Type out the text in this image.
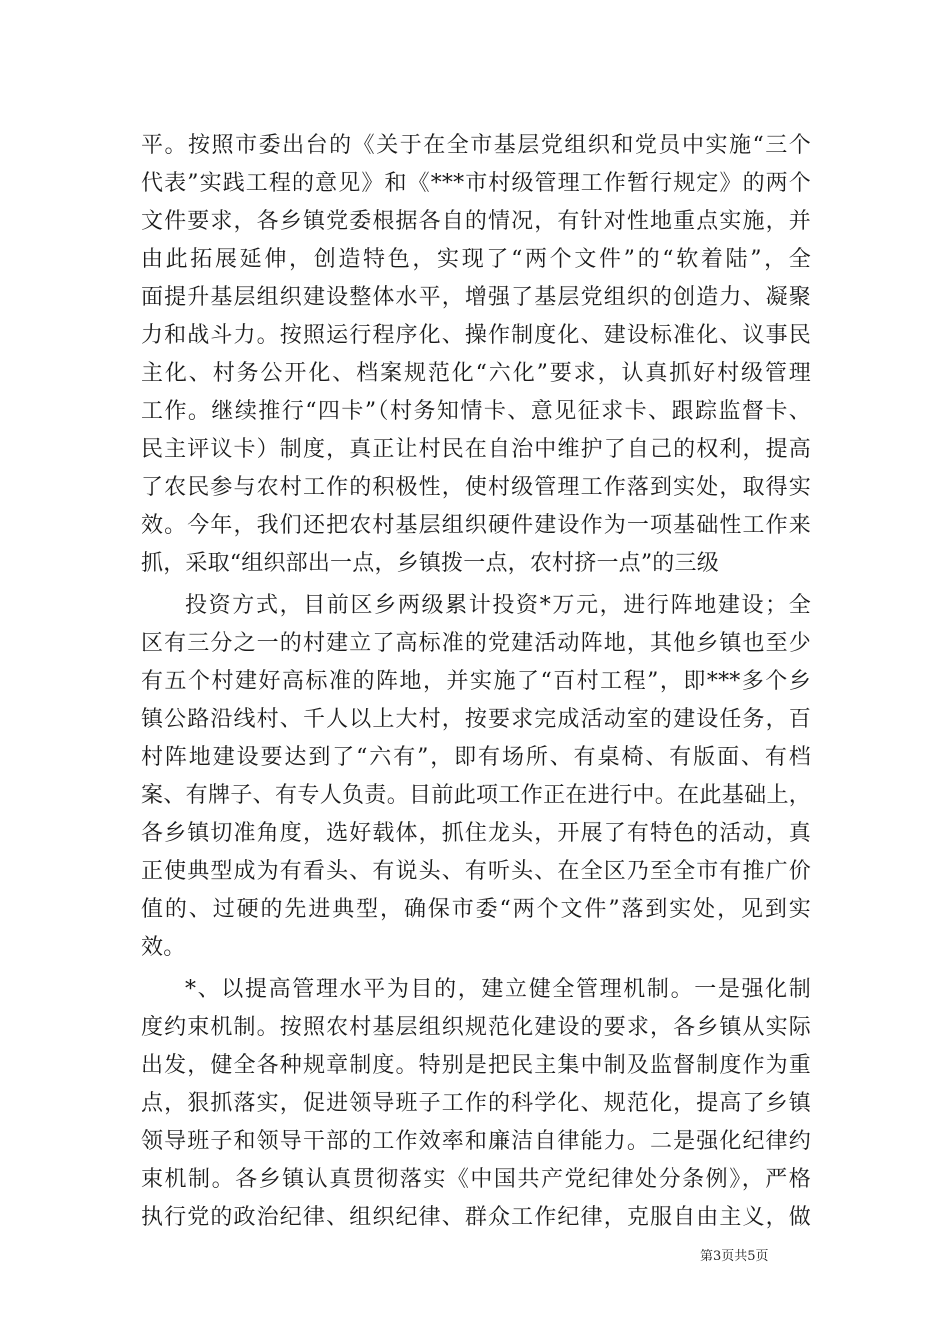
平。按照市委出台的《关于在全市基层党组织和党员中实施“三个
代表”实践工程的意见》和《***市村级管理工作暂行规定》的两个
文件要求，各乡镇党委根据各自的情况，有针对性地重点实施，并
由此拓展延伸，创造特色，实现了“两个文件”的“软着陆”，全
面提升基层组织建设整体水平，增强了基层党组织的创造力、凝聚
力和战斗力。按照运行程序化、操作制度化、建设标准化、议事民
主化、村务公开化、档案规范化“六化”要求，认真抓好村级管理
工作。继续推行“四卡”（村务知情卡、意见征求卡、跟踪监督卡、
民主评议卡）制度，真正让村民在自治中维护了自己的权利，提高
了农民参与农村工作的积极性，使村级管理工作落到实处，取得实
效。今年，我们还把农村基层组织硬件建设作为一项基础性工作来
抓，采取“组织部出一点，乡镇拨一点，农村挤一点”的三级
投资方式，目前区乡两级累计投资*万元，进行阵地建设；全
区有三分之一的村建立了高标准的党建活动阵地，其他乡镇也至少
有五个村建好高标准的阵地，并实施了“百村工程”，即***多个乡
镇公路沿线村、千人以上大村，按要求完成活动室的建设任务，百
村阵地建设要达到了“六有”，即有场所、有桌椅、有版面、有档
案、有牌子、有专人负责。目前此项工作正在进行中。在此基础上，
各乡镇切准角度，选好载体，抓住龙头，开展了有特色的活动，真
正使典型成为有看头、有说头、有听头、在全区乃至全市有推广价
值的、过硬的先进典型，确保市委“两个文件”落到实处，见到实
效。
*、以提高管理水平为目的，建立健全管理机制。一是强化制
度约束机制。按照农村基层组织规范化建设的要求，各乡镇从实际
出发，健全各种规章制度。特别是把民主集中制及监督制度作为重
点，狠抓落实，促进领导班子工作的科学化、规范化，提高了乡镇
领导班子和领导干部的工作效率和廉洁自律能力。二是强化纪律约
束机制。各乡镇认真贯彻落实《中国共产党纪律处分条例》，严格
执行党的政治纪律、组织纪律、群众工作纪律，克服自由主义，做
第3页共5页
